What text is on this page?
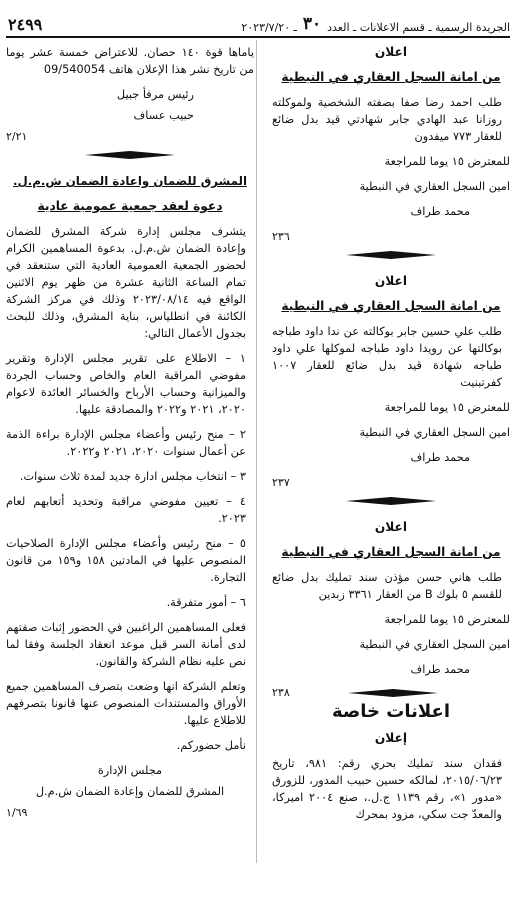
الجريدة الرسمية ـ قسم الاعلانات ـ العدد
٣٠
ـ ٢٠٢٣/٧/٢٠
٢٤٩٩

اعلان

من امانة السجل العقاري في النبطية

طلب احمد رضا صفا بصفته الشخصية ولموكلته روزانا عبد الهادي جابر شهادتي قيد بدل ضائع للعقار ٧٧٣ ميفدون

للمعترض ١٥ يوما للمراجعة

امين السجل العقاري في النبطية

محمد طراف

٢٣٦

اعلان

من امانة السجل العقاري في النبطية

طلب علي حسين جابر بوكالته عن ندا داود طباجه بوكالتها عن رويدا داود طباجه لموكلها علي داود طباجه شهادة قيد بدل ضائع للعقار ١٠٠٧ كفرتبنيت

للمعترض ١٥ يوما للمراجعة

امين السجل العقاري في النبطية

محمد طراف

٢٣٧

اعلان

من امانة السجل العقاري في النبطية

طلب هاني حسن مؤذن سند تمليك بدل ضائع للقسم ٥ بلوك B من العقار ٣٣٦١ زبدين

للمعترض ١٥ يوما للمراجعة

امين السجل العقاري في النبطية

محمد طراف

٢٣٨

اعلانات خاصة

إعلان

فقدان سند تمليك بحري رقم: ٩٨١، تاريخ ٢٠١٥/٠٦/٢٣، لمالكه حسين حبيب المدور، للزورق «مدور ١»، رقم ١١٣٩ ج.ل.، صنع ٢٠٠٤ اميركا، والمعدّ جت سكي، مزود بمحرك

ياماها قوة ١٤٠ حصان. للاعتراض خمسة عشر يوما من تاريخ نشر هذا الإعلان هاتف 09/540054

رئيس مرفأ جبيل

حبيب عساف

٢/٢١

المشرق للضمان واعادة الضمان ش.م.ل.

دعوة لعقد جمعية عمومية عادية

يتشرف مجلس إدارة شركة المشرق للضمان وإعادة الضمان ش.م.ل. بدعوة المساهمين الكرام لحضور الجمعية العمومية العادية التي ستنعقد في تمام الساعة الثانية عشرة من ظهر يوم الاثنين الواقع فيه ٢٠٢٣/٠٨/١٤ وذلك في مركز الشركة الكائنة في انطلياس، بناية المشرق، وذلك للبحث بجدول الأعمال التالي:

١ – الاطلاع على تقرير مجلس الإدارة وتقرير مفوضي المراقبة العام والخاص وحساب الجردة والميزانية وحساب الأرباح والخسائر العائدة لاعوام ٢٠٢٠، ٢٠٢١ و٢٠٢٢ والمصادقة عليها.

٢ – منح رئيس وأعضاء مجلس الإدارة براءة الذمة عن أعمال سنوات ٢٠٢٠، ٢٠٢١ و٢٠٢٢.

٣ – انتخاب مجلس ادارة جديد لمدة ثلاث سنوات.

٤ – تعيين مفوضي مراقبة وتحديد أتعابهم لعام ٢٠٢٣.

٥ – منح رئيس وأعضاء مجلس الإدارة الصلاحيات المنصوص عليها في المادتين ١٥٨ و١٥٩ من قانون التجارة.

٦ – أمور متفرقة.

فعلى المساهمين الراغبين في الحضور إثبات صفتهم لدى أمانة السر قبل موعد انعقاد الجلسة وفقا لما نص عليه نظام الشركة والقانون.

وتعلم الشركة انها وضعت بتصرف المساهمين جميع الأوراق والمستندات المنصوص عنها قانونا بتصرفهم للاطلاع عليها.

نأمل حضوركم.

مجلس الإدارة

المشرق للضمان وإعادة الضمان ش.م.ل

١/٦٩
